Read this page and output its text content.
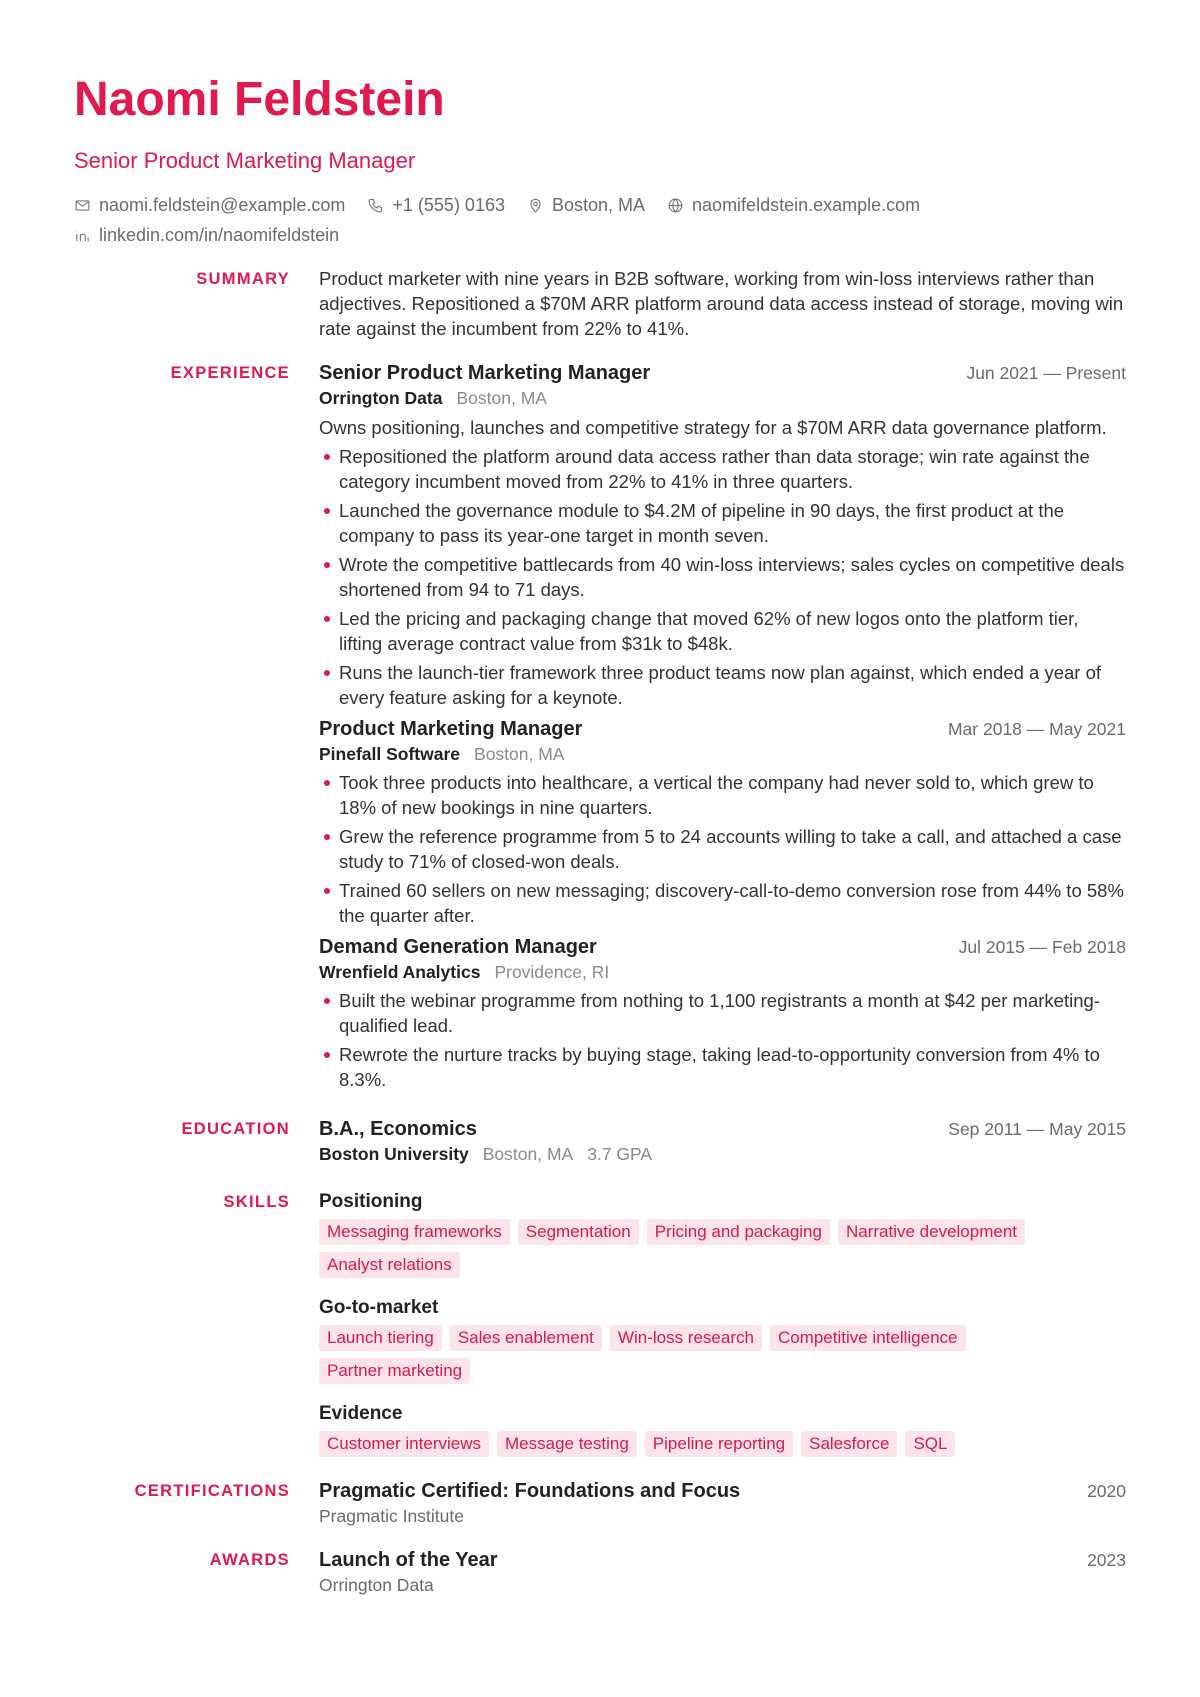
Naomi Feldstein
Senior Product Marketing Manager
naomi.feldstein@example.com	+1 (555) 0163	Boston, MA	naomifeldstein.example.com
linkedin.com/in/naomifeldstein
SUMMARY	Product marketer with nine years in B2B software, working from win-loss interviews rather than adjectives. Repositioned a $70M ARR platform around data access instead of storage, moving win rate against the incumbent from 22% to 41%.

EXPERIENCE	Senior Product Marketing Manager	Jun 2021 — Present
Orrington Data Boston, MA
Owns positioning, launches and competitive strategy for a $70M ARR data governance platform.
Repositioned the platform around data access rather than data storage; win rate against the category incumbent moved from 22% to 41% in three quarters.
Launched the governance module to $4.2M of pipeline in 90 days, the first product at the company to pass its year-one target in month seven.
Wrote the competitive battlecards from 40 win-loss interviews; sales cycles on competitive deals shortened from 94 to 71 days.
Led the pricing and packaging change that moved 62% of new logos onto the platform tier, lifting average contract value from $31k to $48k.
Runs the launch-tier framework three product teams now plan against, which ended a year of every feature asking for a keynote.
Product Marketing Manager	Mar 2018 — May 2021
Pinefall Software Boston, MA
Took three products into healthcare, a vertical the company had never sold to, which grew to 18% of new bookings in nine quarters.
Grew the reference programme from 5 to 24 accounts willing to take a call, and attached a case study to 71% of closed-won deals.
Trained 60 sellers on new messaging; discovery-call-to-demo conversion rose from 44% to 58% the quarter after.
Demand Generation Manager	Jul 2015 — Feb 2018
Wrenfield Analytics Providence, RI
Built the webinar programme from nothing to 1,100 registrants a month at $42 per marketing-qualified lead.
Rewrote the nurture tracks by buying stage, taking lead-to-opportunity conversion from 4% to 8.3%.
EDUCATION	B.A., Economics	Sep 2011 — May 2015
Boston University Boston, MA 3.7 GPA
SKILLS	Positioning
Messaging frameworks	Segmentation	Pricing and packaging	Narrative development
Analyst relations
Go-to-market
Launch tiering	Sales enablement	Win-loss research	Competitive intelligence
Partner marketing
Evidence
Customer interviews	Message testing	Pipeline reporting	Salesforce	SQL
CERTIFICATIONS	Pragmatic Certified: Foundations and Focus	2020
Pragmatic Institute
AWARDS	Launch of the Year	2023
Orrington Data
